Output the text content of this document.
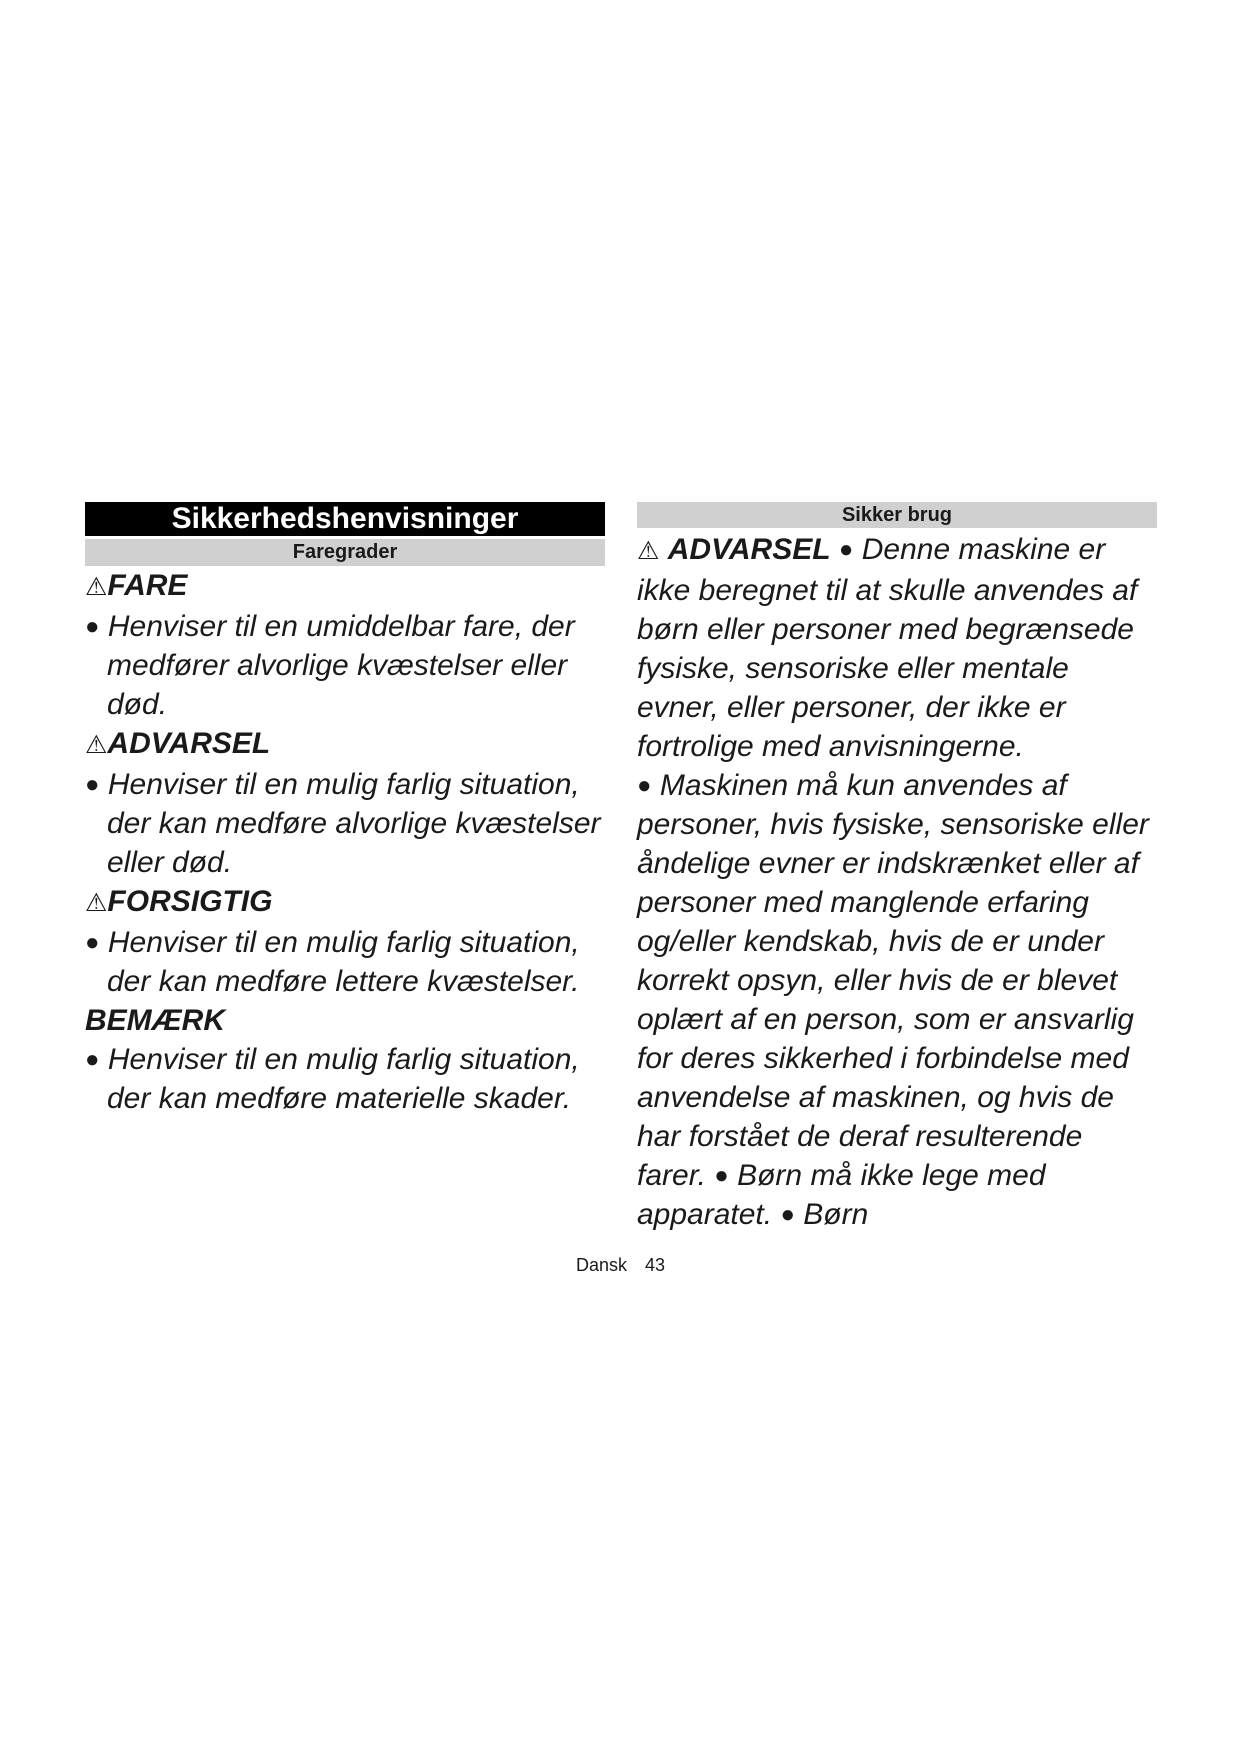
Sikkerhedshenvisninger
Faregrader
⚠FARE
● Henviser til en umiddelbar fare, der medfører alvorlige kvæstelser eller død.
⚠ADVARSEL
● Henviser til en mulig farlig situation, der kan medføre alvorlige kvæstelser eller død.
⚠FORSIGTIG
● Henviser til en mulig farlig situation, der kan medføre lettere kvæstelser.
BEMÆRK
● Henviser til en mulig farlig situation, der kan medføre materielle skader.
Sikker brug
⚠ ADVARSEL ● Denne maskine er ikke beregnet til at skulle anvendes af børn eller personer med begrænsede fysiske, sensoriske eller mentale evner, eller personer, der ikke er fortrolige med anvisningerne.
● Maskinen må kun anvendes af personer, hvis fysiske, sensoriske eller åndelige evner er indskrænket eller af personer med manglende erfaring og/eller kendskab, hvis de er under korrekt opsyn, eller hvis de er blevet oplært af en person, som er ansvarlig for deres sikkerhed i forbindelse med anvendelse af maskinen, og hvis de har forstået de deraf resulterende farer. ● Børn må ikke lege med apparatet. ● Børn
Dansk 43
